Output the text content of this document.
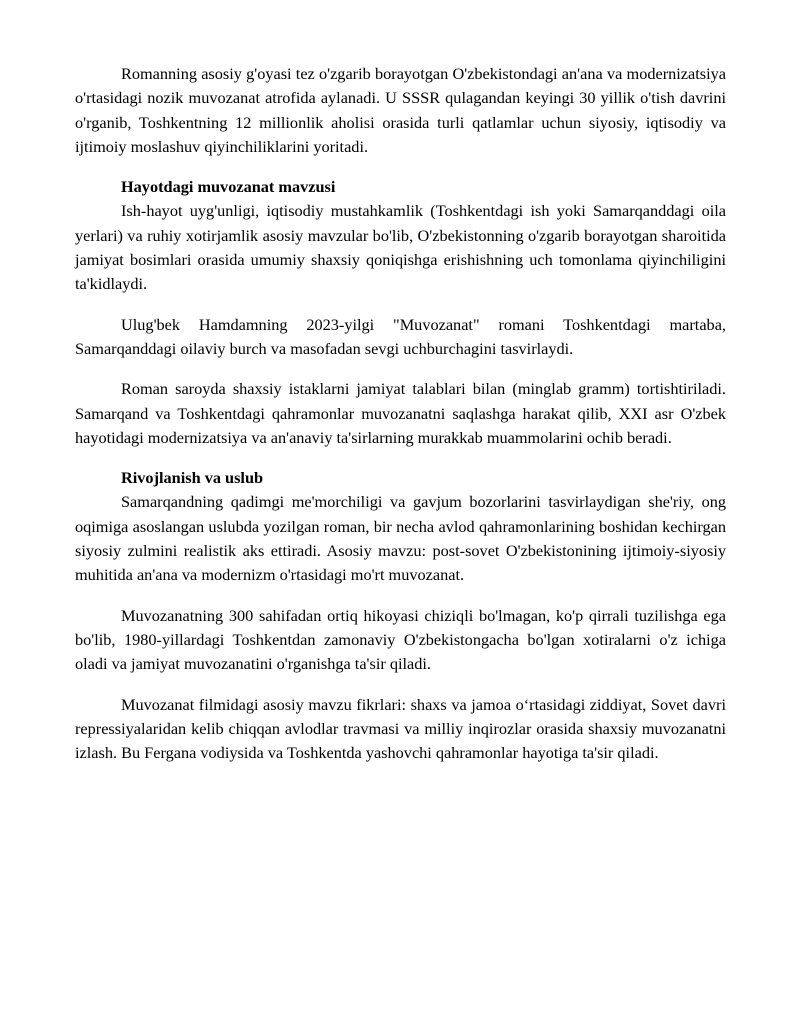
Romanning asosiy g'oyasi tez o'zgarib borayotgan O'zbekistondagi an'ana va modernizatsiya o'rtasidagi nozik muvozanat atrofida aylanadi. U SSSR qulagandan keyingi 30 yillik o'tish davrini o'rganib, Toshkentning 12 millionlik aholisi orasida turli qatlamlar uchun siyosiy, iqtisodiy va ijtimoiy moslashuv qiyinchiliklarini yoritadi.

Hayotdagi muvozanat mavzusi

Ish-hayot uyg'unligi, iqtisodiy mustahkamlik (Toshkentdagi ish yoki Samarqanddagi oila yerlari) va ruhiy xotirjamlik asosiy mavzular bo'lib, O'zbekistonning o'zgarib borayotgan sharoitida jamiyat bosimlari orasida umumiy shaxsiy qoniqishga erishishning uch tomonlama qiyinchiligini ta'kidlaydi.

Ulug'bek Hamdamning 2023-yilgi "Muvozanat" romani Toshkentdagi martaba, Samarqanddagi oilaviy burch va masofadan sevgi uchburchagini tasvirlaydi.

Roman saroyda shaxsiy istaklarni jamiyat talablari bilan (minglab gramm) tortishtiriladi. Samarqand va Toshkentdagi qahramonlar muvozanatni saqlashga harakat qilib, XXI asr O'zbek hayotidagi modernizatsiya va an'anaviy ta'sirlarning murakkab muammolarini ochib beradi.

Rivojlanish va uslub

Samarqandning qadimgi me'morchiligi va gavjum bozorlarini tasvirlaydigan she'riy, ong oqimiga asoslangan uslubda yozilgan roman, bir necha avlod qahramonlarining boshidan kechirgan siyosiy zulmini realistik aks ettiradi. Asosiy mavzu: post-sovet O'zbekistonining ijtimoiy-siyosiy muhitida an'ana va modernizm o'rtasidagi mo'rt muvozanat.

Muvozanatning 300 sahifadan ortiq hikoyasi chiziqli bo'lmagan, ko'p qirrali tuzilishga ega bo'lib, 1980-yillardagi Toshkentdan zamonaviy O'zbekistongacha bo'lgan xotiralarni o'z ichiga oladi va jamiyat muvozanatini o'rganishga ta'sir qiladi.

Muvozanat filmidagi asosiy mavzu fikrlari: shaxs va jamoa o‘rtasidagi ziddiyat, Sovet davri repressiyalaridan kelib chiqqan avlodlar travmasi va milliy inqirozlar orasida shaxsiy muvozanatni izlash. Bu Fergana vodiysida va Toshkentda yashovchi qahramonlar hayotiga ta'sir qiladi.
